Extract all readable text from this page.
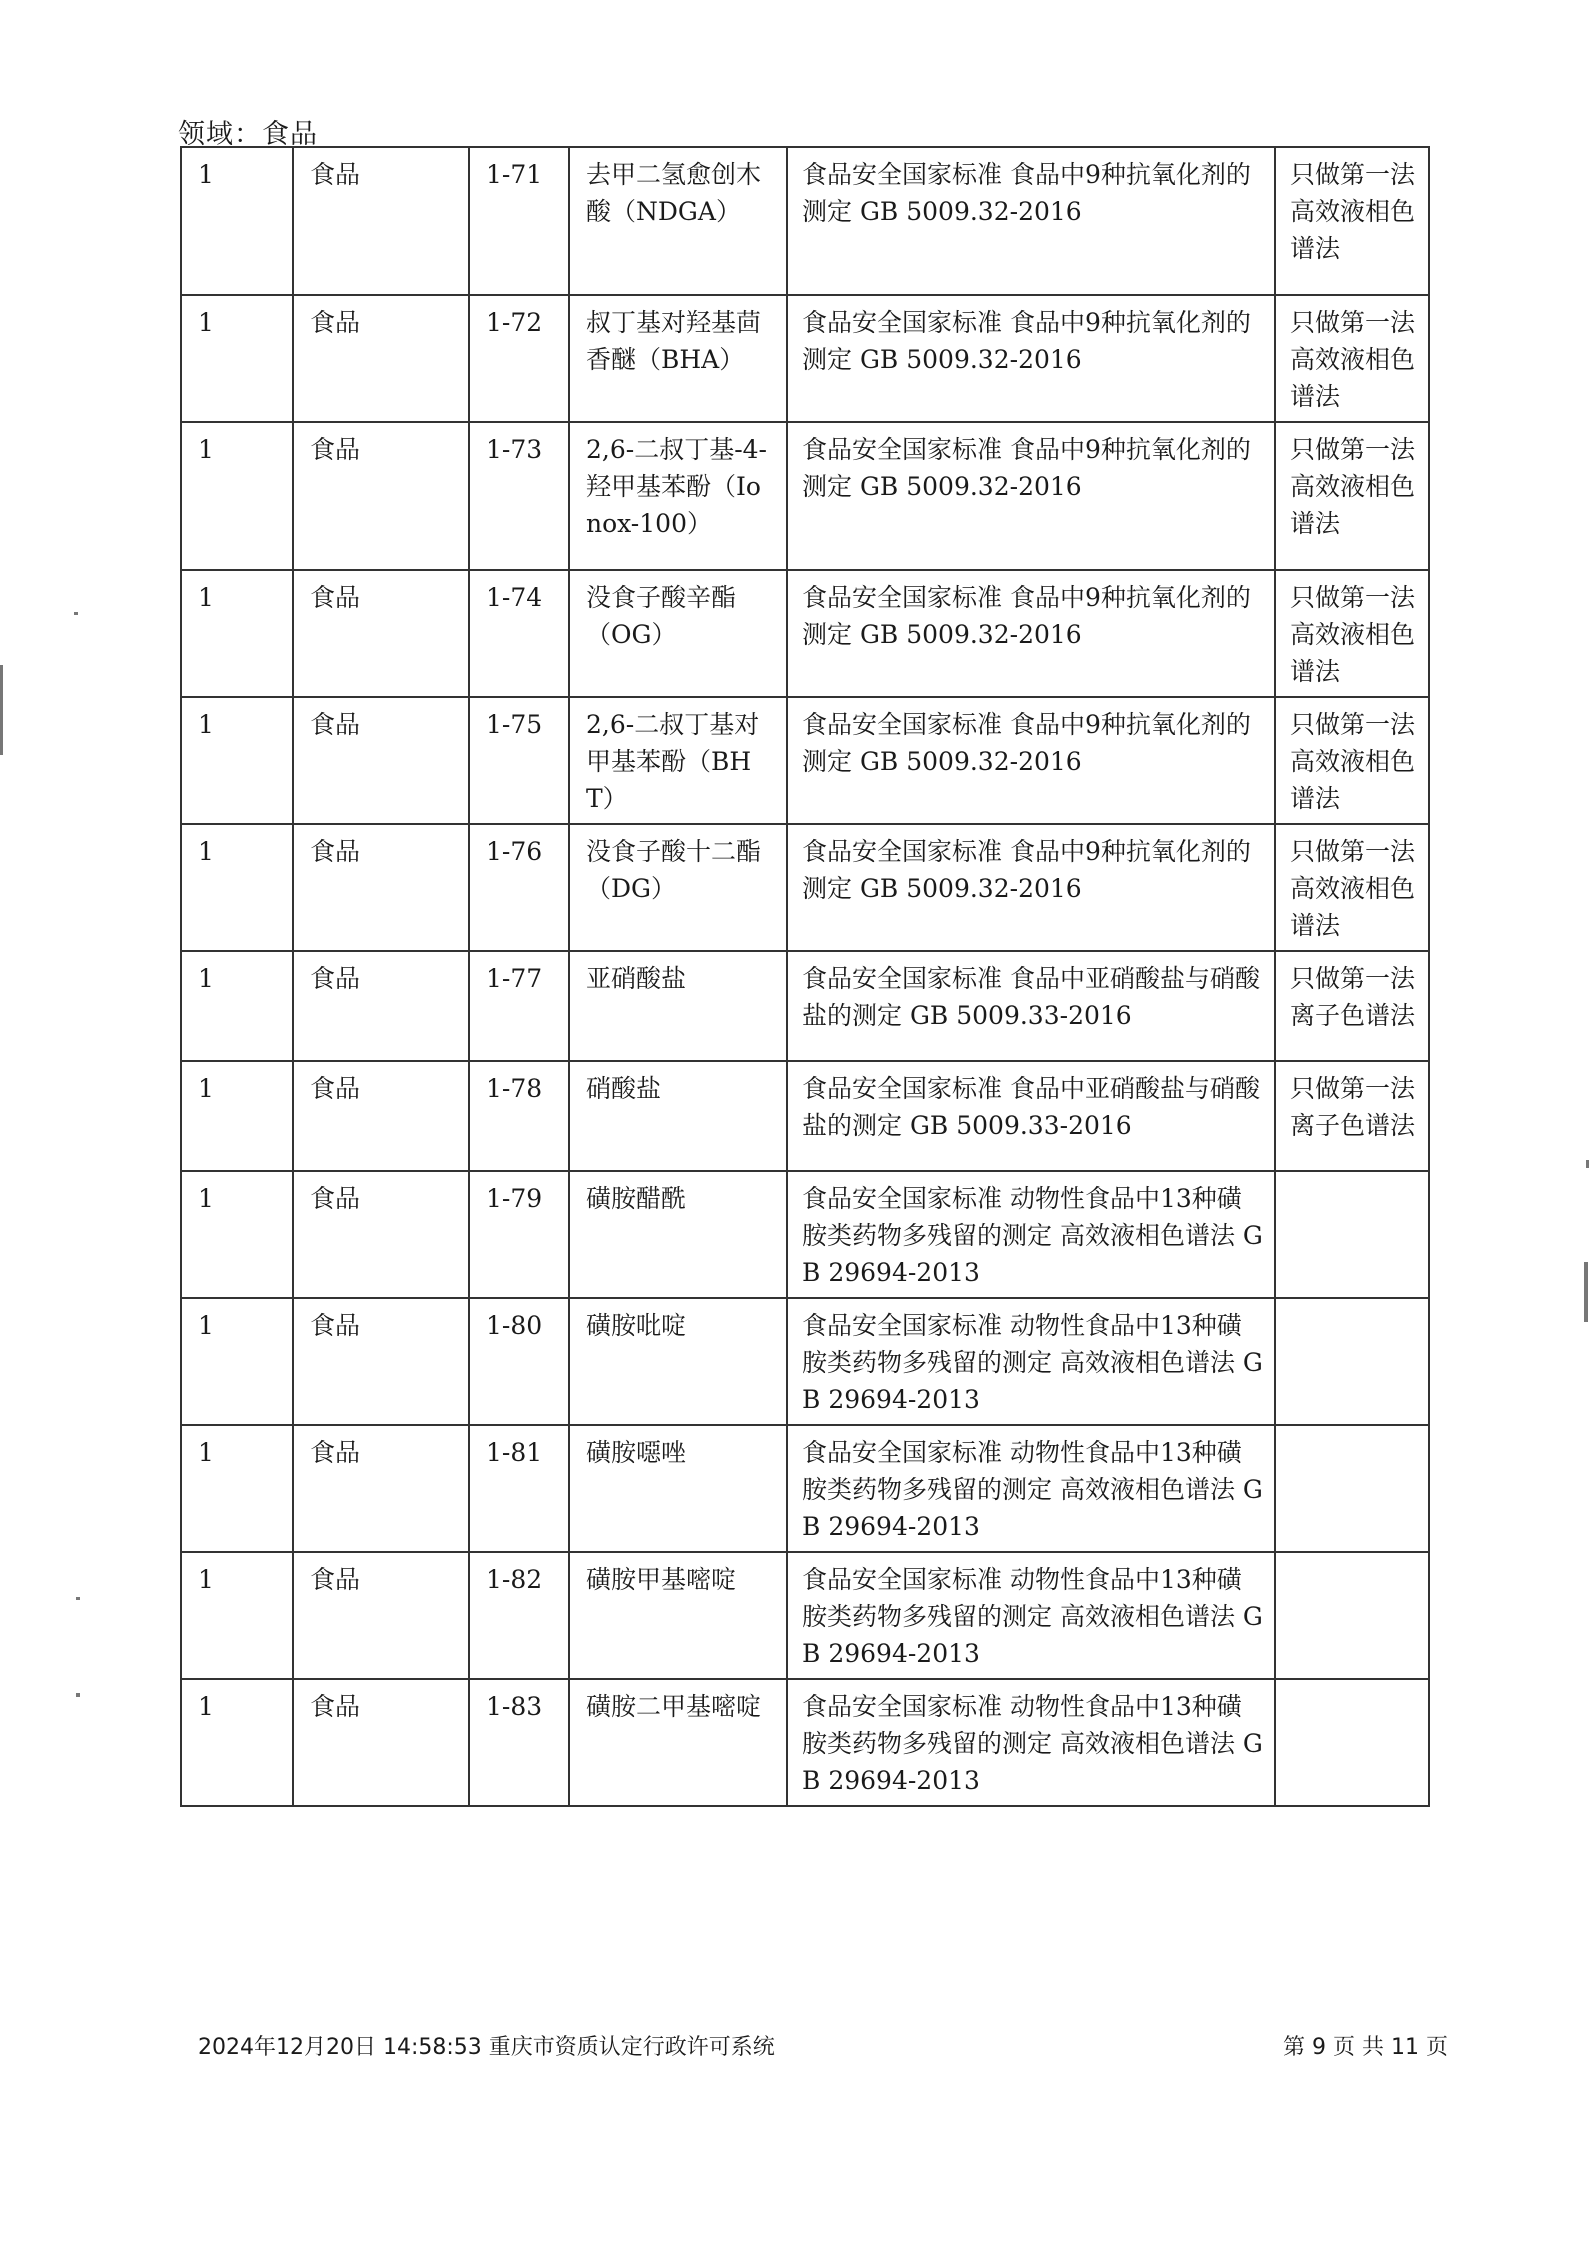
领域：食品
1	食品	1-71	去甲二氢愈创木酸（NDGA）	食品安全国家标准 食品中9种抗氧化剂的测定 GB 5009.32-2016	只做第一法 高效液相色谱法
1	食品	1-72	叔丁基对羟基茴香醚（BHA）	食品安全国家标准 食品中9种抗氧化剂的测定 GB 5009.32-2016	只做第一法 高效液相色谱法
1	食品	1-73	2,6-二叔丁基-4-羟甲基苯酚（Ionox-100）	食品安全国家标准 食品中9种抗氧化剂的测定 GB 5009.32-2016	只做第一法 高效液相色谱法
1	食品	1-74	没食子酸辛酯（OG）	食品安全国家标准 食品中9种抗氧化剂的测定 GB 5009.32-2016	只做第一法 高效液相色谱法
1	食品	1-75	2,6-二叔丁基对甲基苯酚（BHT）	食品安全国家标准 食品中9种抗氧化剂的测定 GB 5009.32-2016	只做第一法 高效液相色谱法
1	食品	1-76	没食子酸十二酯（DG）	食品安全国家标准 食品中9种抗氧化剂的测定 GB 5009.32-2016	只做第一法 高效液相色谱法
1	食品	1-77	亚硝酸盐	食品安全国家标准 食品中亚硝酸盐与硝酸盐的测定 GB 5009.33-2016	只做第一法 离子色谱法
1	食品	1-78	硝酸盐	食品安全国家标准 食品中亚硝酸盐与硝酸盐的测定 GB 5009.33-2016	只做第一法 离子色谱法
1	食品	1-79	磺胺醋酰	食品安全国家标准 动物性食品中13种磺胺类药物多残留的测定 高效液相色谱法 GB 29694-2013	
1	食品	1-80	磺胺吡啶	食品安全国家标准 动物性食品中13种磺胺类药物多残留的测定 高效液相色谱法 GB 29694-2013	
1	食品	1-81	磺胺噁唑	食品安全国家标准 动物性食品中13种磺胺类药物多残留的测定 高效液相色谱法 GB 29694-2013	
1	食品	1-82	磺胺甲基嘧啶	食品安全国家标准 动物性食品中13种磺胺类药物多残留的测定 高效液相色谱法 GB 29694-2013	
1	食品	1-83	磺胺二甲基嘧啶	食品安全国家标准 动物性食品中13种磺胺类药物多残留的测定 高效液相色谱法 GB 29694-2013	
2024年12月20日 14:58:53 重庆市资质认定行政许可系统	第 9 页 共 11 页
